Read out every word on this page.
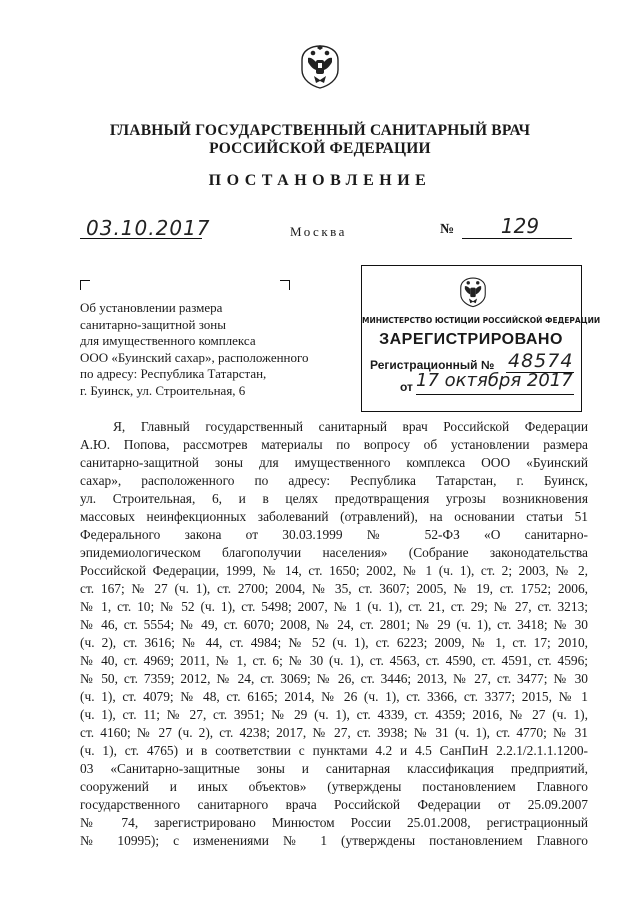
ГЛАВНЫЙ ГОСУДАРСТВЕННЫЙ САНИТАРНЫЙ ВРАЧ
РОССИЙСКОЙ ФЕДЕРАЦИИ
ПОСТАНОВЛЕНИЕ
03.10.2017	Москва	№	129
Об установлении размера
санитарно-защитной зоны
для имущественного комплекса
ООО «Буинский сахар», расположенного
по адресу: Республика Татарстан,
г. Буинск, ул. Строительная, 6
МИНИСТЕРСТВО ЮСТИЦИИ РОССИЙСКОЙ ФЕДЕРАЦИИ
ЗАРЕГИСТРИРОВАНО
Регистрационный № 48574
от 17 октября 2017
Я, Главный государственный санитарный врач Российской Федерации
А.Ю. Попова, рассмотрев материалы по вопросу об установлении размера
санитарно-защитной зоны для имущественного комплекса ООО «Буинский
сахар», расположенного по адресу: Республика Татарстан, г. Буинск,
ул. Строительная, 6, и в целях предотвращения угрозы возникновения
массовых неинфекционных заболеваний (отравлений), на основании статьи 51
Федерального закона от 30.03.1999 № 52-ФЗ «О санитарно-
эпидемиологическом благополучии населения» (Собрание законодательства
Российской Федерации, 1999, № 14, ст. 1650; 2002, № 1 (ч. 1), ст. 2; 2003, № 2,
ст. 167; № 27 (ч. 1), ст. 2700; 2004, № 35, ст. 3607; 2005, № 19, ст. 1752; 2006,
№ 1, ст. 10; № 52 (ч. 1), ст. 5498; 2007, № 1 (ч. 1), ст. 21, ст. 29; № 27, ст. 3213;
№ 46, ст. 5554; № 49, ст. 6070; 2008, № 24, ст. 2801; № 29 (ч. 1), ст. 3418; № 30
(ч. 2), ст. 3616; № 44, ст. 4984; № 52 (ч. 1), ст. 6223; 2009, № 1, ст. 17; 2010,
№ 40, ст. 4969; 2011, № 1, ст. 6; № 30 (ч. 1), ст. 4563, ст. 4590, ст. 4591, ст. 4596;
№ 50, ст. 7359; 2012, № 24, ст. 3069; № 26, ст. 3446; 2013, № 27, ст. 3477; № 30
(ч. 1), ст. 4079; № 48, ст. 6165; 2014, № 26 (ч. 1), ст. 3366, ст. 3377; 2015, № 1
(ч. 1), ст. 11; № 27, ст. 3951; № 29 (ч. 1), ст. 4339, ст. 4359; 2016, № 27 (ч. 1),
ст. 4160; № 27 (ч. 2), ст. 4238; 2017, № 27, ст. 3938; № 31 (ч. 1), ст. 4770; № 31
(ч. 1), ст. 4765) и в соответствии с пунктами 4.2 и 4.5 СанПиН 2.2.1/2.1.1.1200-
03 «Санитарно-защитные зоны и санитарная классификация предприятий,
сооружений и иных объектов» (утверждены постановлением Главного
государственного санитарного врача Российской Федерации от 25.09.2007
№ 74, зарегистрировано Минюстом России 25.01.2008, регистрационный
№ 10995); с изменениями № 1 (утверждены постановлением Главного
